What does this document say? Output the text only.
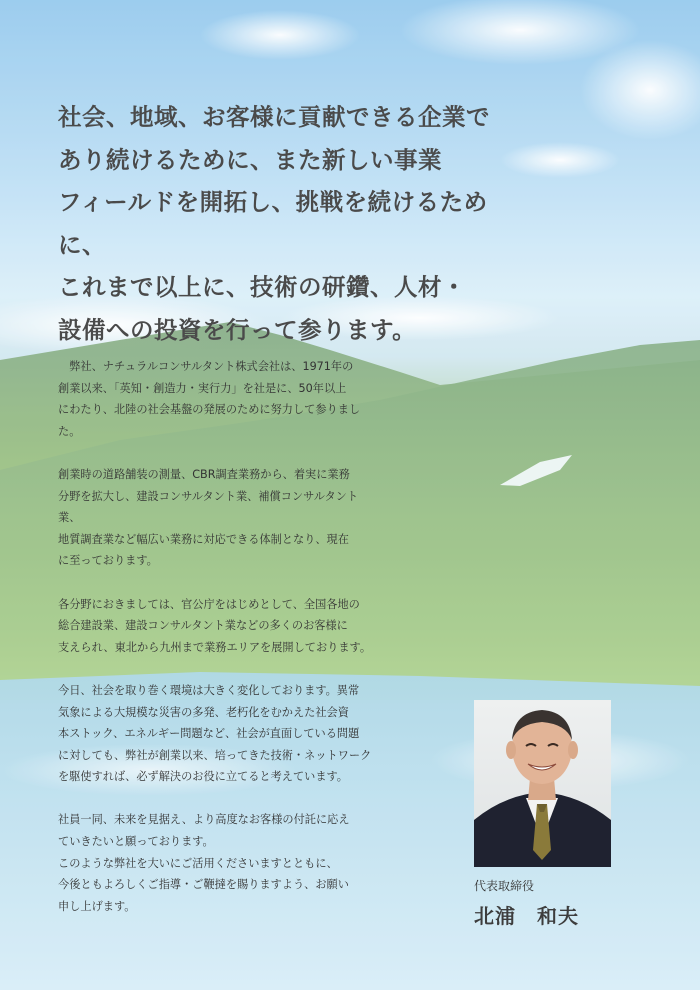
社会、地域、お客様に貢献できる企業で
あり続けるために、また新しい事業
フィールドを開拓し、挑戦を続けるために、
これまで以上に、技術の研鑽、人材・
設備への投資を行って参ります。

弊社、ナチュラルコンサルタント株式会社は、1971年の
創業以来、「英知・創造力・実行力」を社是に、50年以上
にわたり、北陸の社会基盤の発展のために努力して参りました。

創業時の道路舗装の測量、CBR調査業務から、着実に業務
分野を拡大し、建設コンサルタント業、補償コンサルタント業、
地質調査業など幅広い業務に対応できる体制となり、現在
に至っております。

各分野におきましては、官公庁をはじめとして、全国各地の
総合建設業、建設コンサルタント業などの多くのお客様に
支えられ、東北から九州まで業務エリアを展開しております。

今日、社会を取り巻く環境は大きく変化しております。異常
気象による大規模な災害の多発、老朽化をむかえた社会資
本ストック、エネルギー問題など、社会が直面している問題
に対しても、弊社が創業以来、培ってきた技術・ネットワーク
を駆使すれば、必ず解決のお役に立てると考えています。

社員一同、未来を見据え、より高度なお客様の付託に応え
ていきたいと願っております。
このような弊社を大いにご活用くださいますとともに、
今後ともよろしくご指導・ご鞭撻を賜りますよう、お願い
申し上げます。

代表取締役
北浦　和夫
